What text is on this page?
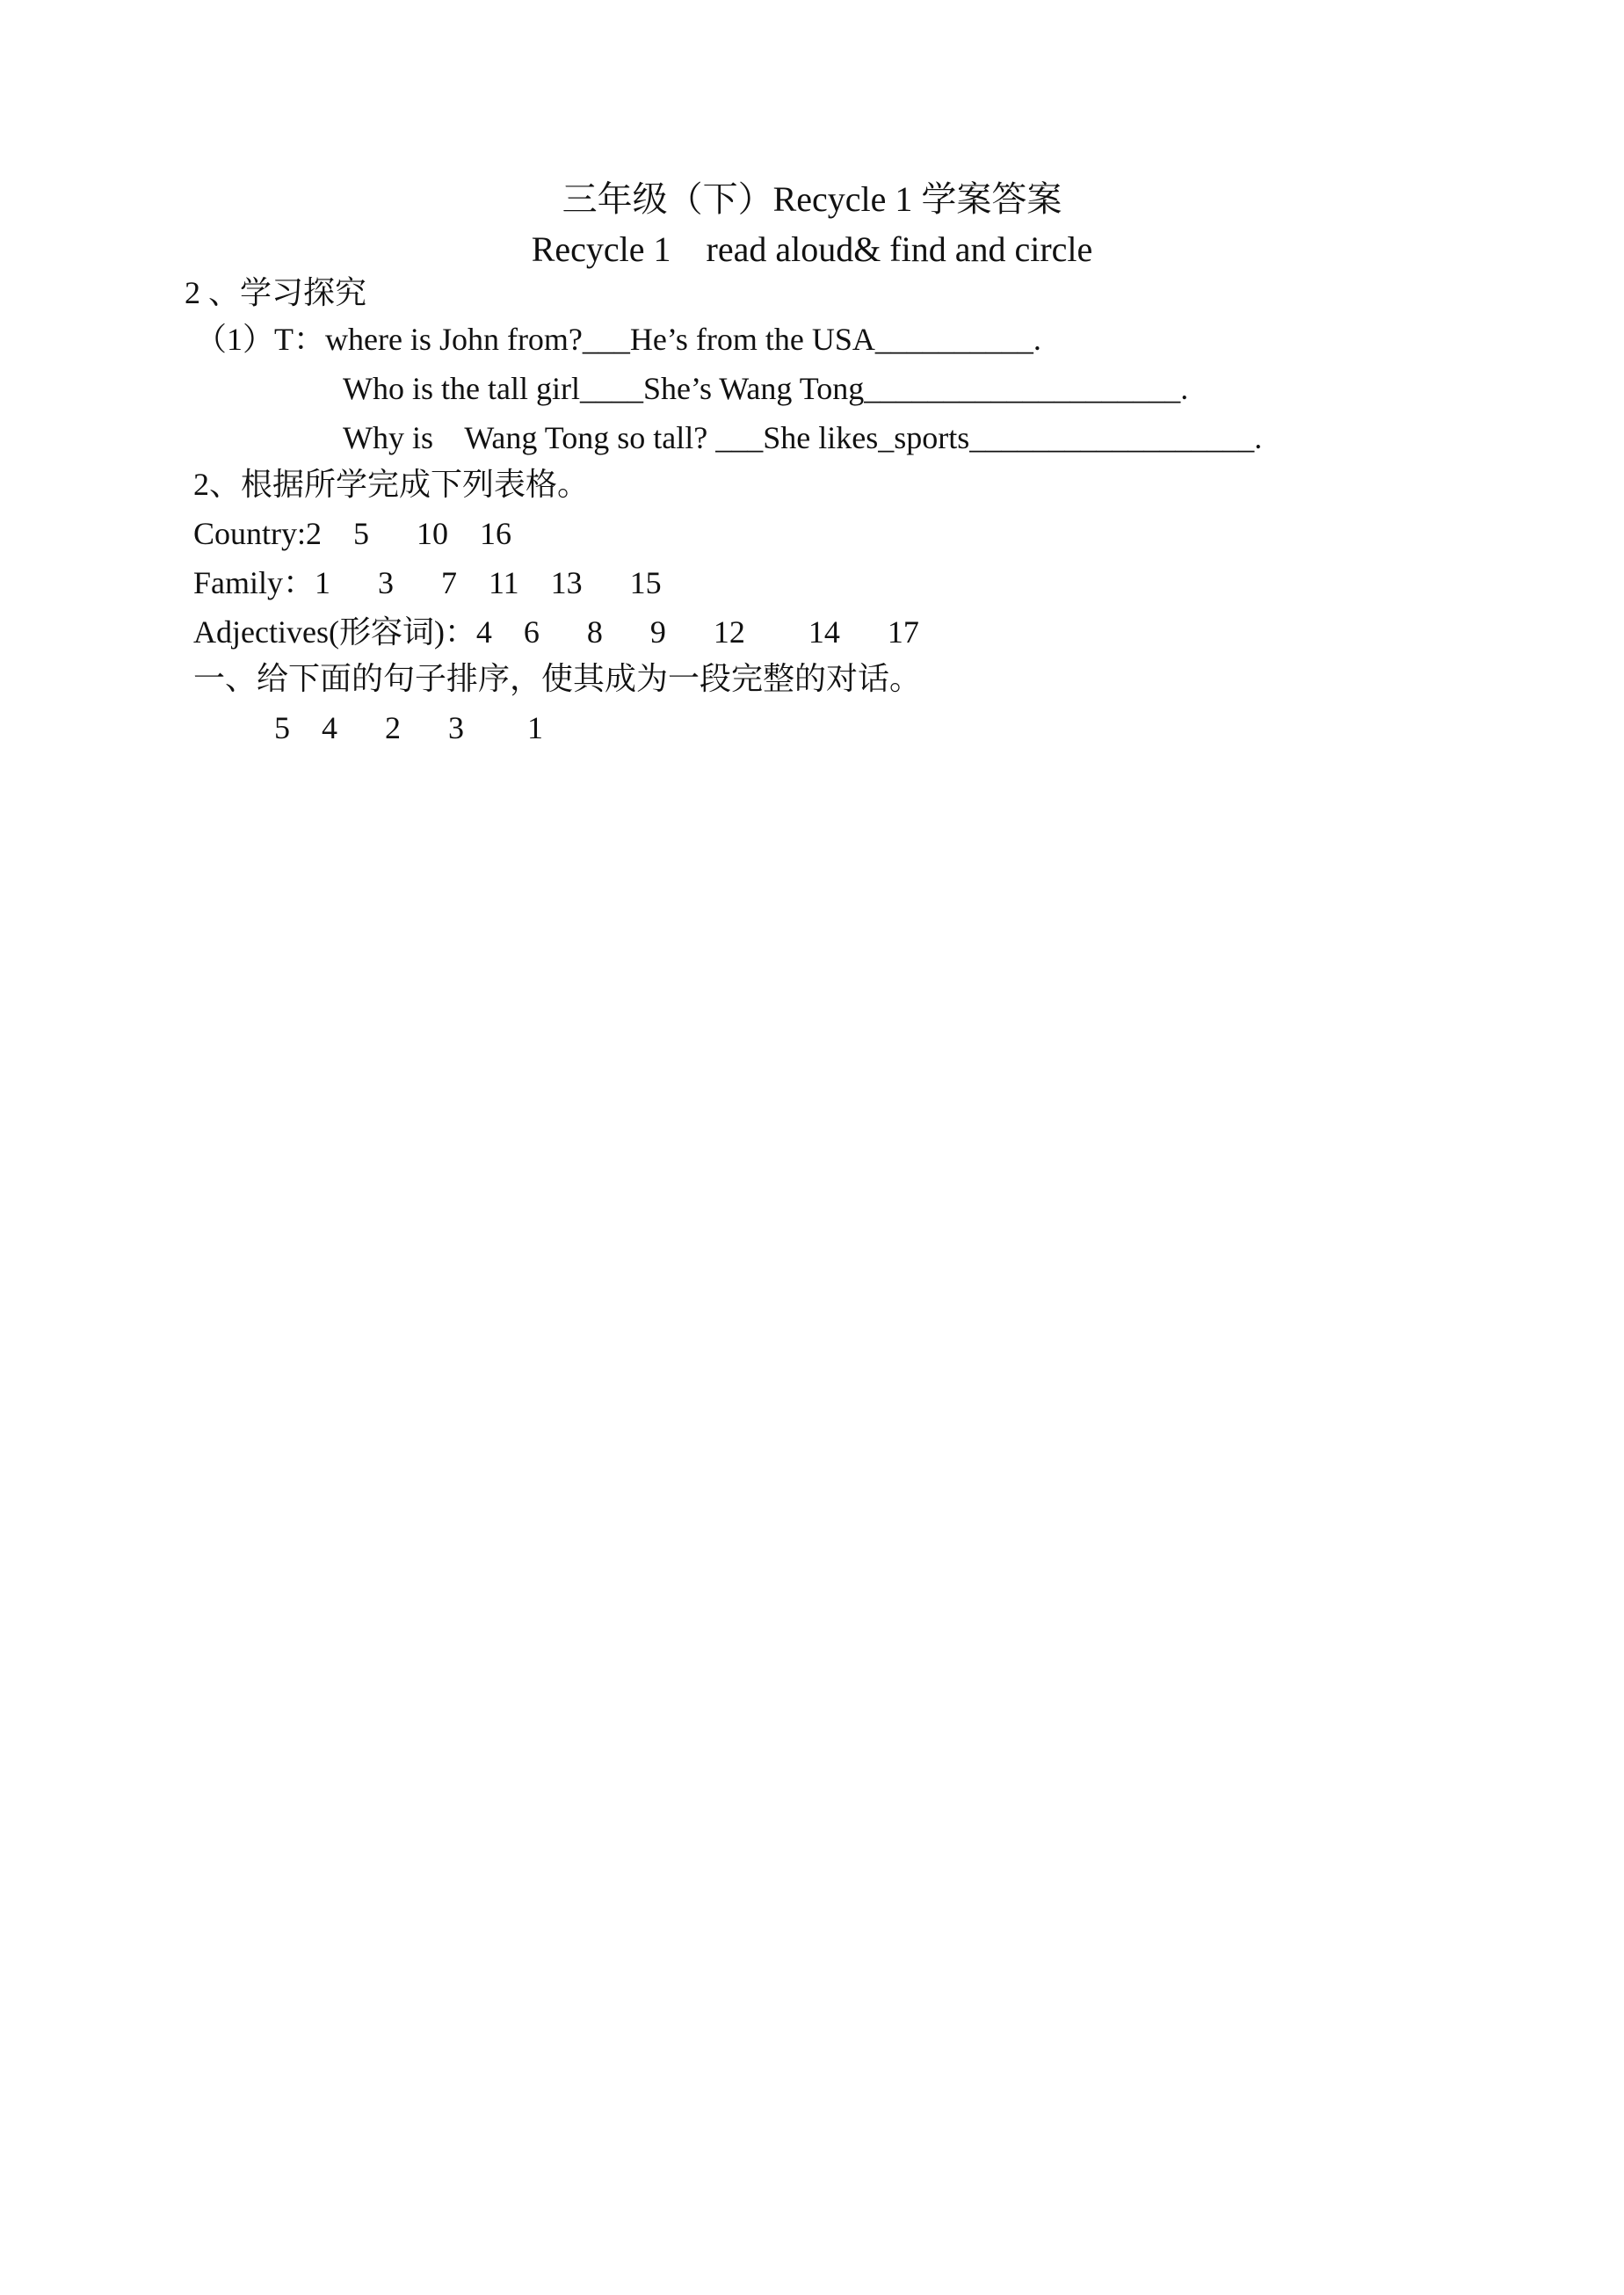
三年级（下）Recycle 1 学案答案
Recycle 1    read aloud& find and circle
2 、学习探究
（1）T：where is John from?___He’s from the USA__________.
Who is the tall girl____She’s Wang Tong____________________.
Why is    Wang Tong so tall? ___She likes_sports__________________.
2、根据所学完成下列表格。
Country:2    5      10    16
Family：1      3      7    11    13      15
Adjectives(形容词)：4    6      8      9      12        14      17
一、给下面的句子排序，使其成为一段完整的对话。
5    4      2      3        1
